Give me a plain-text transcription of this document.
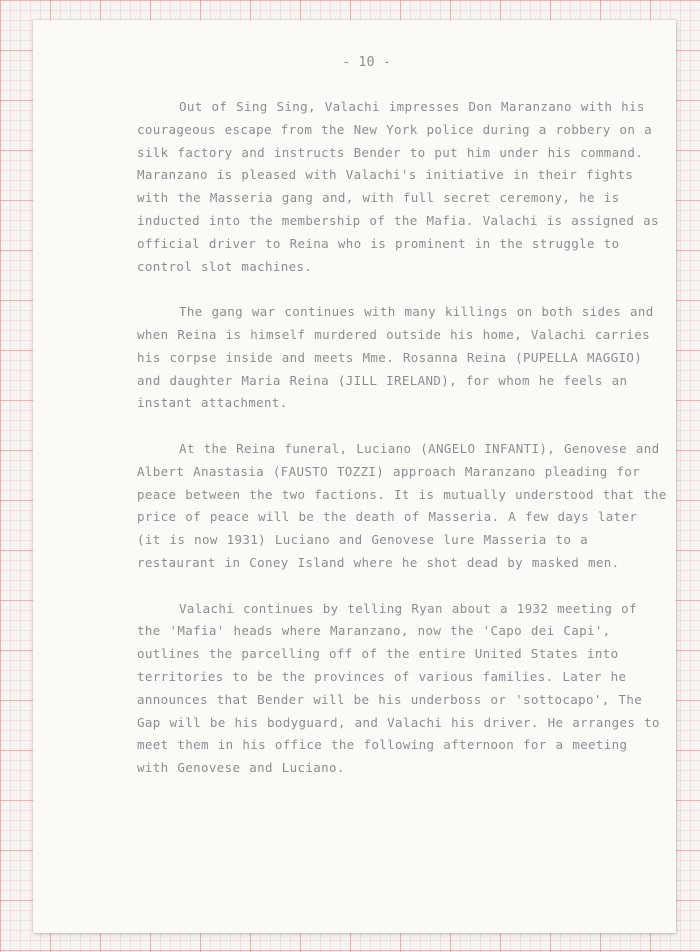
- 10 -

Out of Sing Sing, Valachi impresses Don Maranzano with his courageous escape from the New York police during a robbery on a silk factory and instructs Bender to put him under his command. Maranzano is pleased with Valachi's initiative in their fights with the Masseria gang and, with full secret ceremony, he is inducted into the membership of the Mafia. Valachi is assigned as official driver to Reina who is prominent in the struggle to control slot machines.

The gang war continues with many killings on both sides and when Reina is himself murdered outside his home, Valachi carries his corpse inside and meets Mme. Rosanna Reina (PUPELLA MAGGIO) and daughter Maria Reina (JILL IRELAND), for whom he feels an instant attachment.

At the Reina funeral, Luciano (ANGELO INFANTI), Genovese and Albert Anastasia (FAUSTO TOZZI) approach Maranzano pleading for peace between the two factions. It is mutually understood that the price of peace will be the death of Masseria. A few days later (it is now 1931) Luciano and Genovese lure Masseria to a restaurant in Coney Island where he shot dead by masked men.

Valachi continues by telling Ryan about a 1932 meeting of the 'Mafia' heads where Maranzano, now the 'Capo dei Capi', outlines the parcelling off of the entire United States into territories to be the provinces of various families. Later he announces that Bender will be his underboss or 'sottocapo', The Gap will be his bodyguard, and Valachi his driver. He arranges to meet them in his office the following afternoon for a meeting with Genovese and Luciano.
